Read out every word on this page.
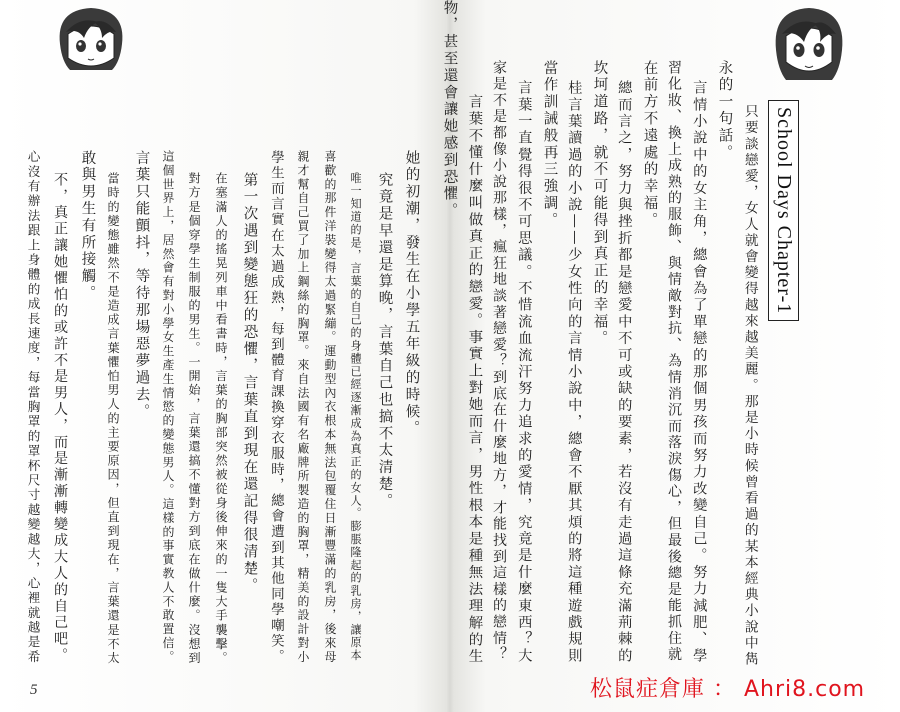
School Days Chapter-1
只要談戀愛，女人就會變得越來越美麗。那是小時候曾看過的某本經典小說中雋
永的一句話。
言情小說中的女主角，總會為了單戀的那個男孩而努力改變自己。努力減肥、學
習化妝、換上成熟的服飾、與情敵對抗、為情消沉而落淚傷心，但最後總是能抓住就
在前方不遠處的幸福。
總而言之，努力與挫折都是戀愛中不可或缺的要素，若沒有走過這條充滿荊棘的
坎坷道路，就不可能得到真正的幸福。
桂言葉讀過的小說——少女性向的言情小說中，總會不厭其煩的將這種遊戲規則
當作訓誡般再三強調。
言葉一直覺得很不可思議。不惜流血流汗努力追求的愛情，究竟是什麼東西？大
家是不是都像小說那樣，瘋狂地談著戀愛？到底在什麼地方，才能找到這樣的戀情？
言葉不懂什麼叫做真正的戀愛。事實上對她而言，男性根本是種無法理解的生
她的初潮，發生在小學五年級的時候。
究竟是早還是算晚，言葉自己也搞不太清楚。
唯一知道的是，言葉的自己的身體已經逐漸成為真正的女人。膨脹隆起的乳房，讓原本
喜歡的那件洋裝變得太過緊繃。運動型內衣根本無法包覆住日漸豐滿的乳房，後來母
親才幫自己買了加上鋼絲的胸罩。來自法國有名廠牌所製造的胸罩，精美的設計對小
學生而言實在太過成熟，每到體育課換穿衣服時，總會遭到其他同學嘲笑。
第一次遇到變態狂的恐懼，言葉直到現在還記得很清楚。
在塞滿人的搖晃列車中看書時，言葉的胸部突然被從身後伸來的一隻大手襲擊。
對方是個穿學生制服的男生。一開始，言葉還搞不懂對方到底在做什麼。沒想到
這個世界上，居然會有對小學女生產生情慾的變態男人。這樣的事實教人不敢置信。
言葉只能顫抖，等待那場惡夢過去。
當時的變態雖然不是造成言葉懼怕男人的主要原因，但直到現在，言葉還是不太
敢與男生有所接觸。
不，真正讓她懼怕的或許不是男人，而是漸漸轉變成大人的自己吧。
心沒有辦法跟上身體的成長速度，每當胸罩的罩杯尺寸越變越大，心裡就越是希
5	松鼠症倉庫 ： Ahri8.com
物，甚至還會讓她感到恐懼。
